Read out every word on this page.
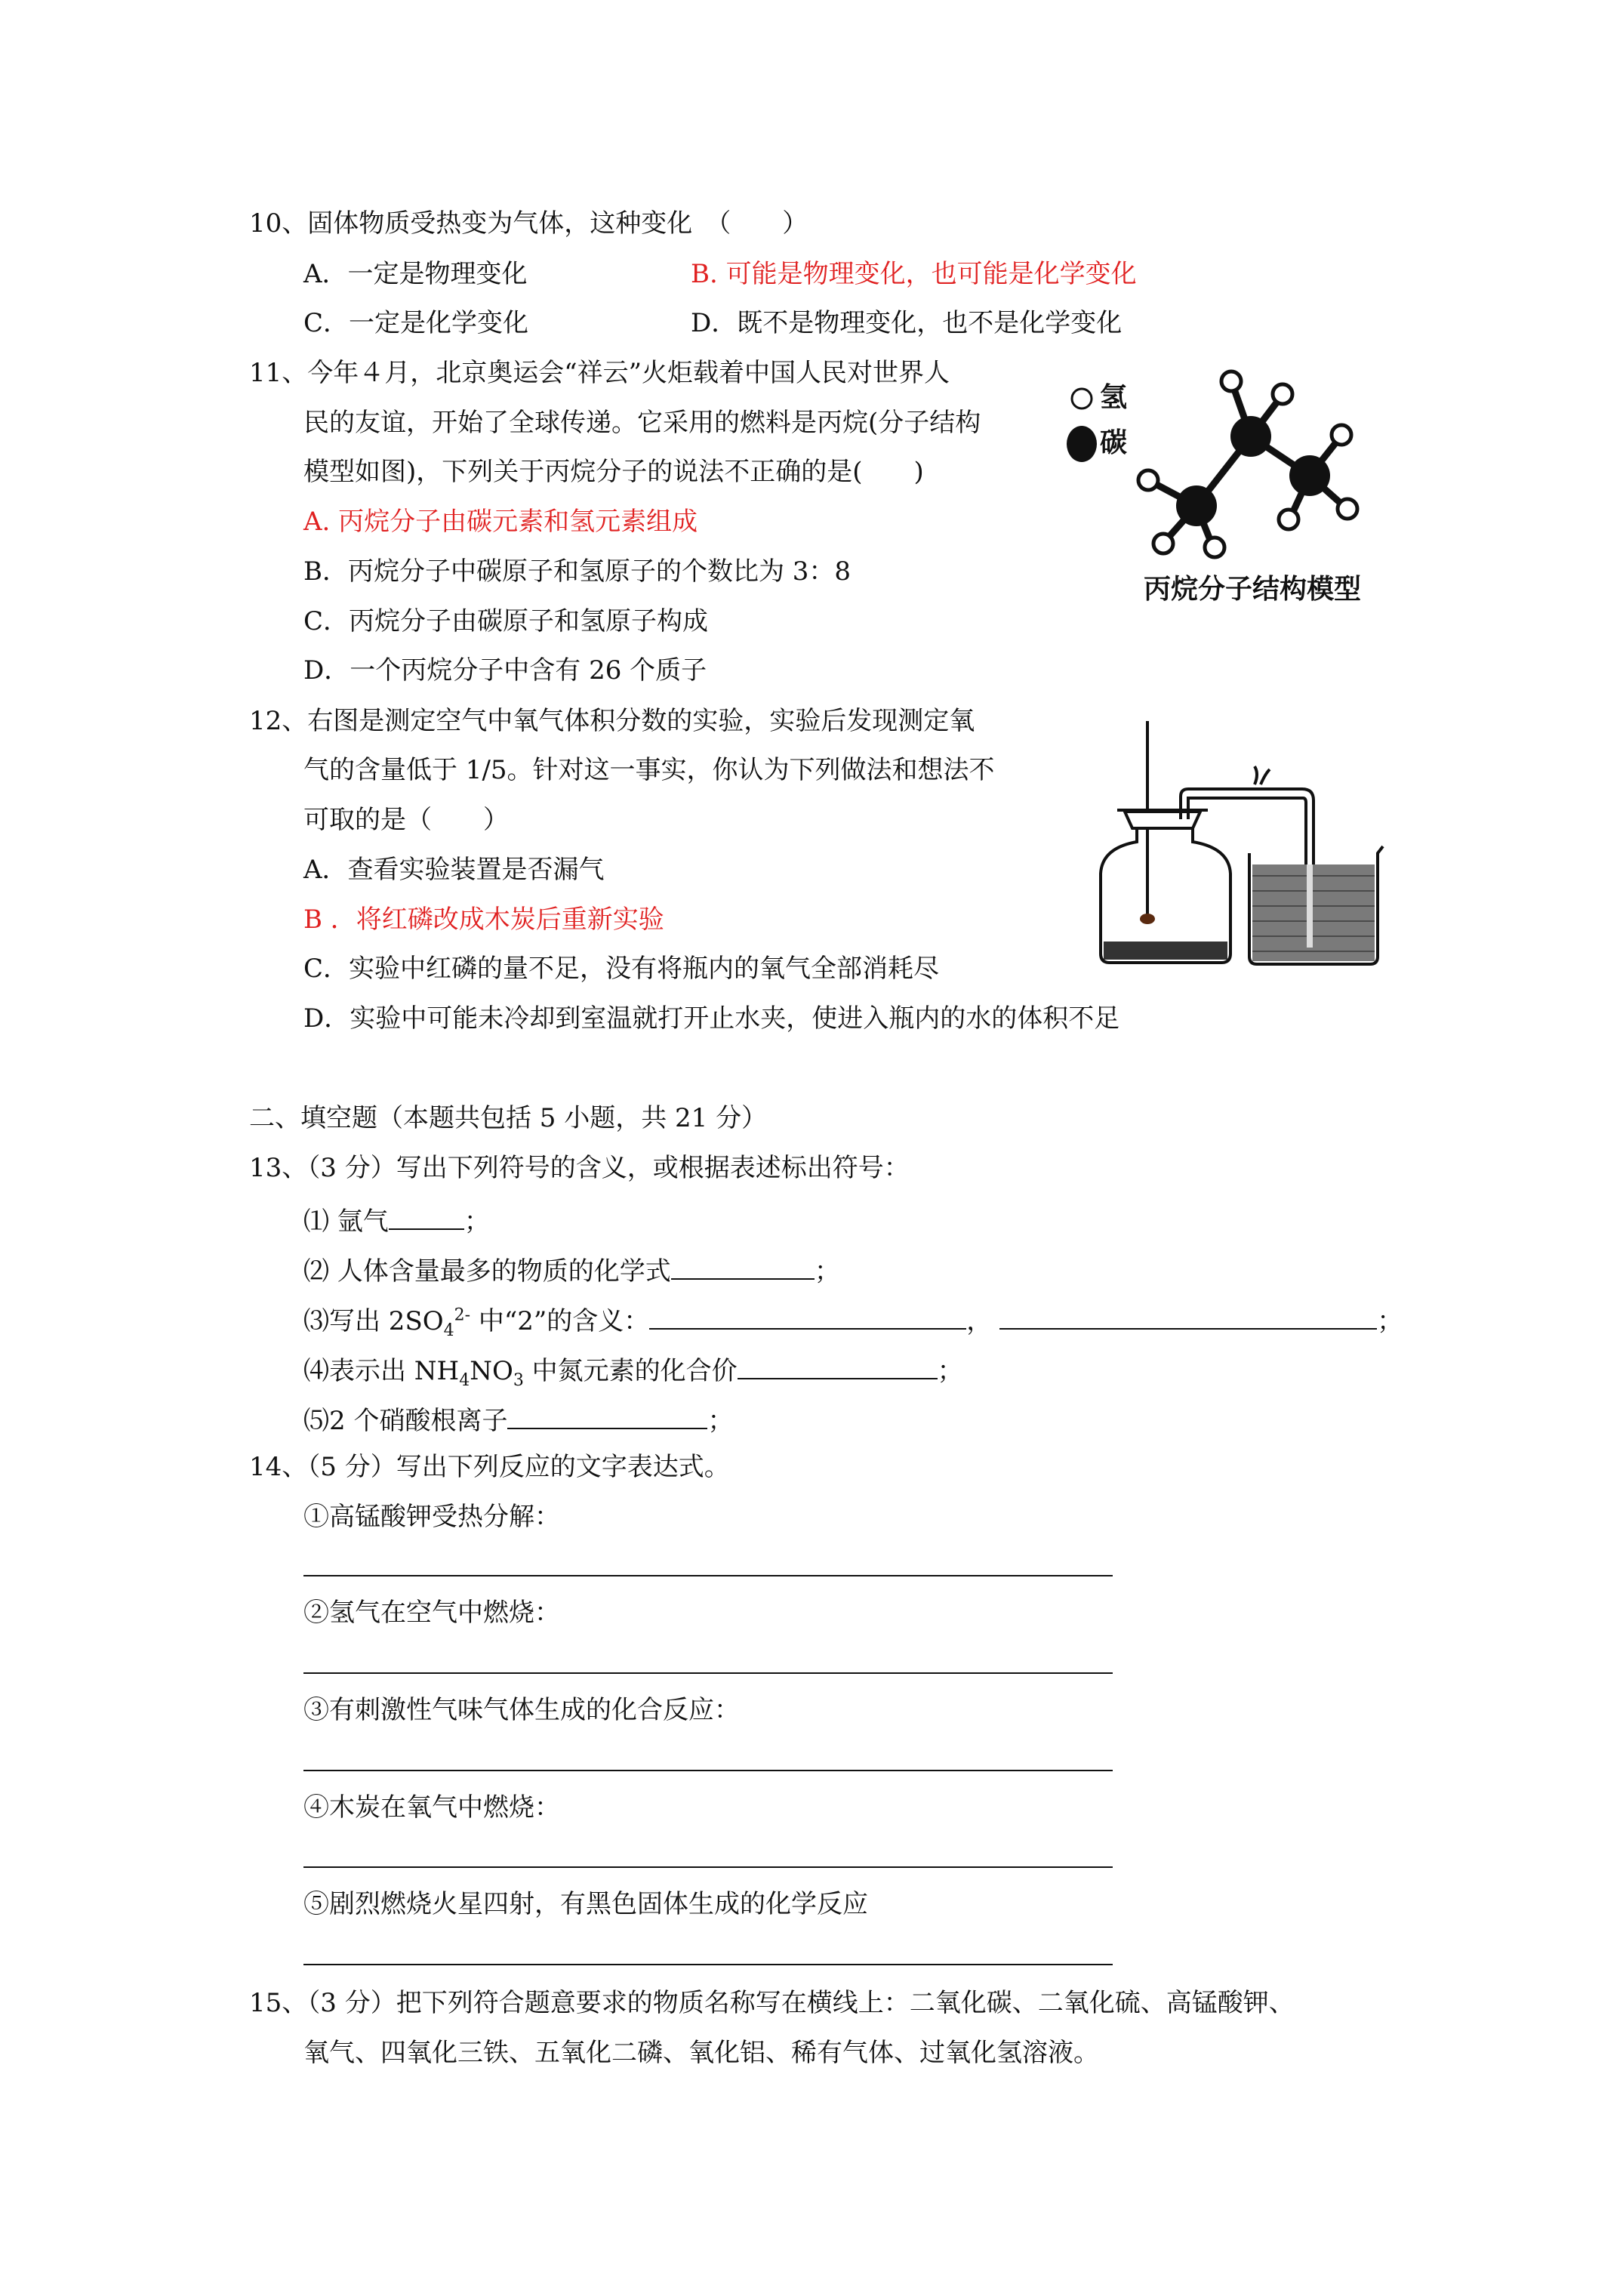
10、固体物质受热变为气体，这种变化　（　　）
A．一定是物理变化	B. 可能是物理变化，也可能是化学变化
C．一定是化学变化	D．既不是物理变化，也不是化学变化
11、今年４月，北京奥运会“祥云”火炬载着中国人民对世界人
民的友谊，开始了全球传递。它采用的燃料是丙烷(分子结构
模型如图)，下列关于丙烷分子的说法不正确的是(　　)
A. 丙烷分子由碳元素和氢元素组成
B．丙烷分子中碳原子和氢原子的个数比为 3：8
C．丙烷分子由碳原子和氢原子构成
D．一个丙烷分子中含有 26 个质子
氢
碳
丙烷分子结构模型
12、右图是测定空气中氧气体积分数的实验，实验后发现测定氧
气的含量低于 1/5。针对这一事实，你认为下列做法和想法不
可取的是（　　）
A．查看实验装置是否漏气
B ．将红磷改成木炭后重新实验
C．实验中红磷的量不足，没有将瓶内的氧气全部消耗尽
D．实验中可能未冷却到室温就打开止水夹，使进入瓶内的水的体积不足
二、填空题（本题共包括 5 小题，共 21 分）
13、（3 分）写出下列符号的含义，或根据表述标出符号：
⑴ 氩气	；
⑵ 人体含量最多的物质的化学式	；
⑶写出 $2SO_4^{2-}$ 中“2”的含义：	，	；
⑷表示出 $NH_4NO_3$ 中氮元素的化合价	；
⑸2 个硝酸根离子	；
14、（5 分）写出下列反应的文字表达式。
①高锰酸钾受热分解：
②氢气在空气中燃烧：
③有刺激性气味气体生成的化合反应：
④木炭在氧气中燃烧：
⑤剧烈燃烧火星四射，有黑色固体生成的化学反应
15、（3 分）把下列符合题意要求的物质名称写在横线上：二氧化碳、二氧化硫、高锰酸钾、
氧气、四氧化三铁、五氧化二磷、氧化铝、稀有气体、过氧化氢溶液。
